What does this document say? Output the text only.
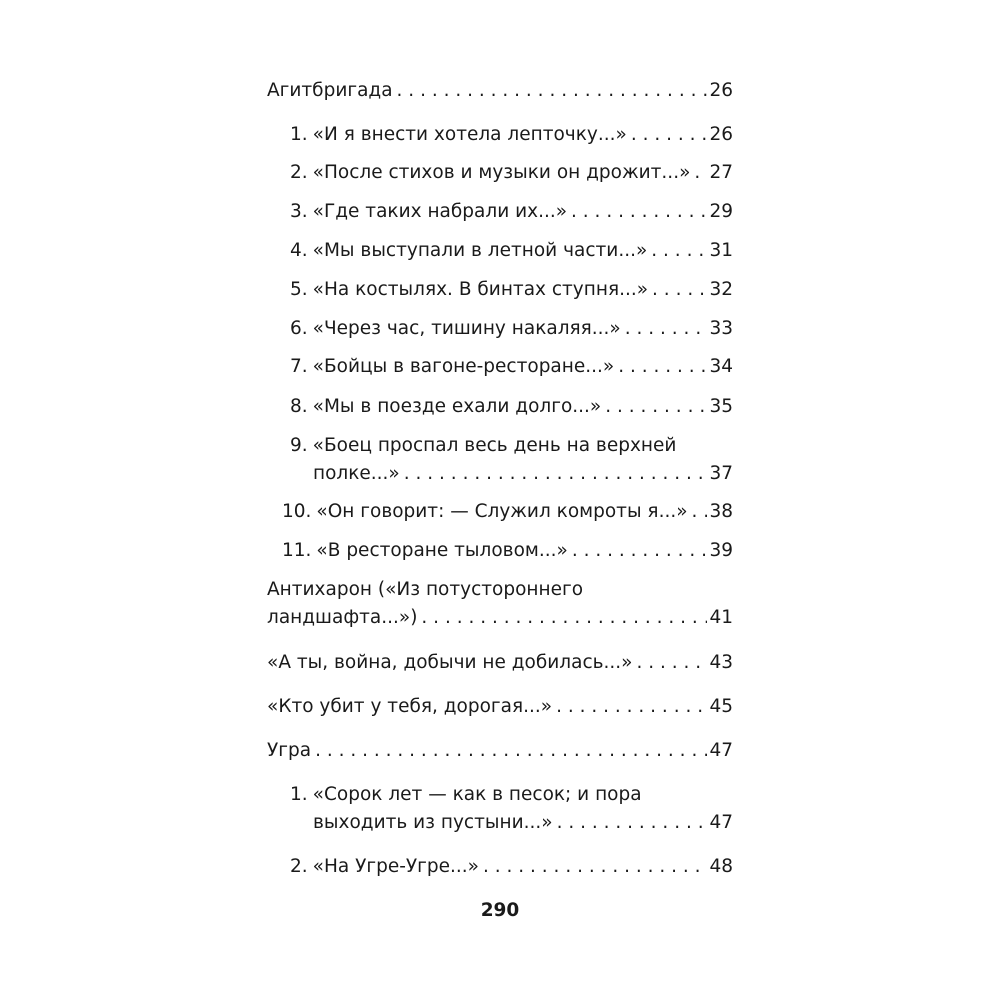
Агитбригада . . .	26
1. «И я внести хотела лепточку...» . . .	26
2. «После стихов и музыки он дрожит...» . . . 27
3. «Где таких набрали их...» . . .	29
4. «Мы выступали в летной части...» . . .	31
5. «На костылях. В бинтах ступня...» . . .	32
6. «Через час, тишину накаляя...» . . .	33
7. «Бойцы в вагоне-ресторане...» . . .	34
8. «Мы в поезде ехали долго...» . . .	35
9. «Боец проспал весь день на верхней
полке...» . . .	37
10. «Он говорит: — Служил комроты я...» . . . 38
11. «В ресторане тыловом...» . . .	39
Антихарон («Из потустороннего
ландшафта...») . . .	41
«А ты, война, добычи не добилась...» . . .	43
«Кто убит у тебя, дорогая...» . . .	45
Угра . . .	47
1. «Сорок лет — как в песок; и пора
выходить из пустыни...» . . .	47
2. «На Угре-Угре...» . . .	48
290
